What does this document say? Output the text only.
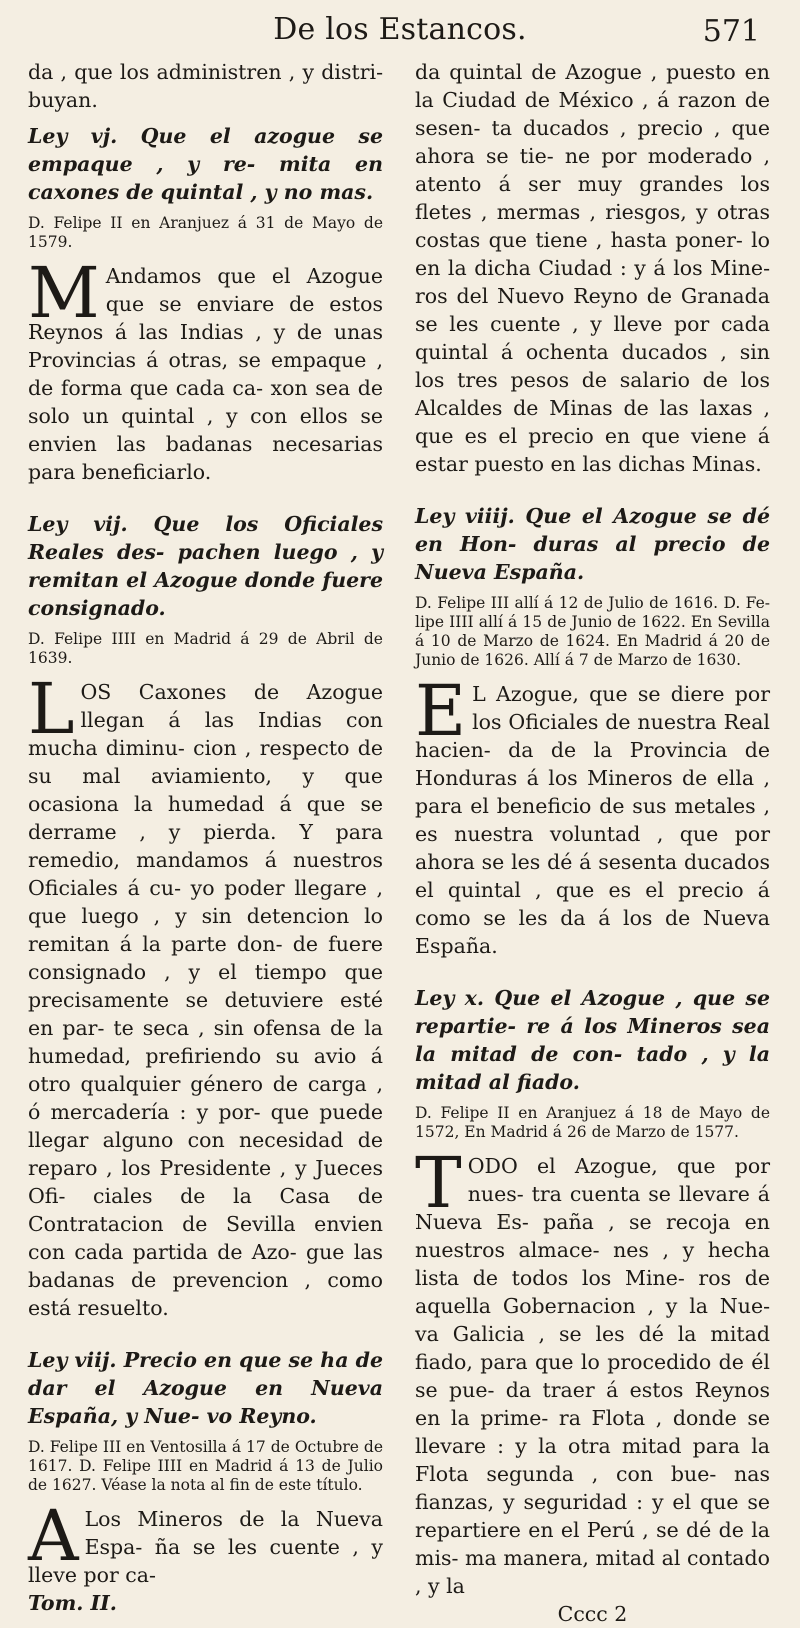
De los Estancos.	571

da , que los administren , y distri- buyan.

Ley vj. Que el azogue se empaque , y re- mita en caxones de quintal , y no mas.

D. Felipe II en Aranjuez á 31 de Mayo de 1579.

M Andamos que el Azogue que se enviare de estos Reynos á las Indias , y de unas Provincias á otras, se empaque , de forma que cada ca- xon sea de solo un quintal , y con ellos se envien las badanas necesarias para beneficiarlo.

Ley vij. Que los Oficiales Reales des- pachen luego , y remitan el Azogue donde fuere consignado.

D. Felipe IIII en Madrid á 29 de Abril de 1639.

LOS Caxones de Azogue llegan á las Indias con mucha diminu- cion , respecto de su mal aviamiento, y que ocasiona la humedad á que se derrame , y pierda. Y para remedio, mandamos á nuestros Oficiales á cu- yo poder llegare , que luego , y sin detencion lo remitan á la parte don- de fuere consignado , y el tiempo que precisamente se detuviere esté en par- te seca , sin ofensa de la humedad, prefiriendo su avio á otro qualquier género de carga , ó mercadería : y por- que puede llegar alguno con necesidad de reparo , los Presidente , y Jueces Ofi- ciales de la Casa de Contratacion de Sevilla envien con cada partida de Azo- gue las badanas de prevencion , como está resuelto.

Ley viij. Precio en que se ha de dar el Azogue en Nueva España, y Nue- vo Reyno.

D. Felipe III en Ventosilla á 17 de Octubre de 1617. D. Felipe IIII en Madrid á 13 de Julio de 1627. Véase la nota al fin de este título.

A Los Mineros de la Nueva Espa- ña se les cuente , y lleve por ca-

Tom. II.

da quintal de Azogue , puesto en la Ciudad de México , á razon de sesen- ta ducados , precio , que ahora se tie- ne por moderado , atento á ser muy grandes los fletes , mermas , riesgos, y otras costas que tiene , hasta poner- lo en la dicha Ciudad : y á los Mine- ros del Nuevo Reyno de Granada se les cuente , y lleve por cada quintal á ochenta ducados , sin los tres pesos de salario de los Alcaldes de Minas de las laxas , que es el precio en que viene á estar puesto en las dichas Minas.

Ley viiij. Que el Azogue se dé en Hon- duras al precio de Nueva España.

D. Felipe III allí á 12 de Julio de 1616. D. Fe- lipe IIII allí á 15 de Junio de 1622. En Sevilla á 10 de Marzo de 1624. En Madrid á 20 de Junio de 1626. Allí á 7 de Marzo de 1630.

E L Azogue, que se diere por los Oficiales de nuestra Real hacien- da de la Provincia de Honduras á los Mineros de ella , para el beneficio de sus metales , es nuestra voluntad , que por ahora se les dé á sesenta ducados el quintal , que es el precio á como se les da á los de Nueva España.

Ley x. Que el Azogue , que se repartie- re á los Mineros sea la mitad de con- tado , y la mitad al fiado.

D. Felipe II en Aranjuez á 18 de Mayo de 1572, En Madrid á 26 de Marzo de 1577.

TODO el Azogue, que por nues- tra cuenta se llevare á Nueva Es- paña , se recoja en nuestros almace- nes , y hecha lista de todos los Mine- ros de aquella Gobernacion , y la Nue- va Galicia , se les dé la mitad fiado, para que lo procedido de él se pue- da traer á estos Reynos en la prime- ra Flota , donde se llevare : y la otra mitad para la Flota segunda , con bue- nas fianzas, y seguridad : y el que se repartiere en el Perú , se dé de la mis- ma manera, mitad al contado , y la

Cccc 2
